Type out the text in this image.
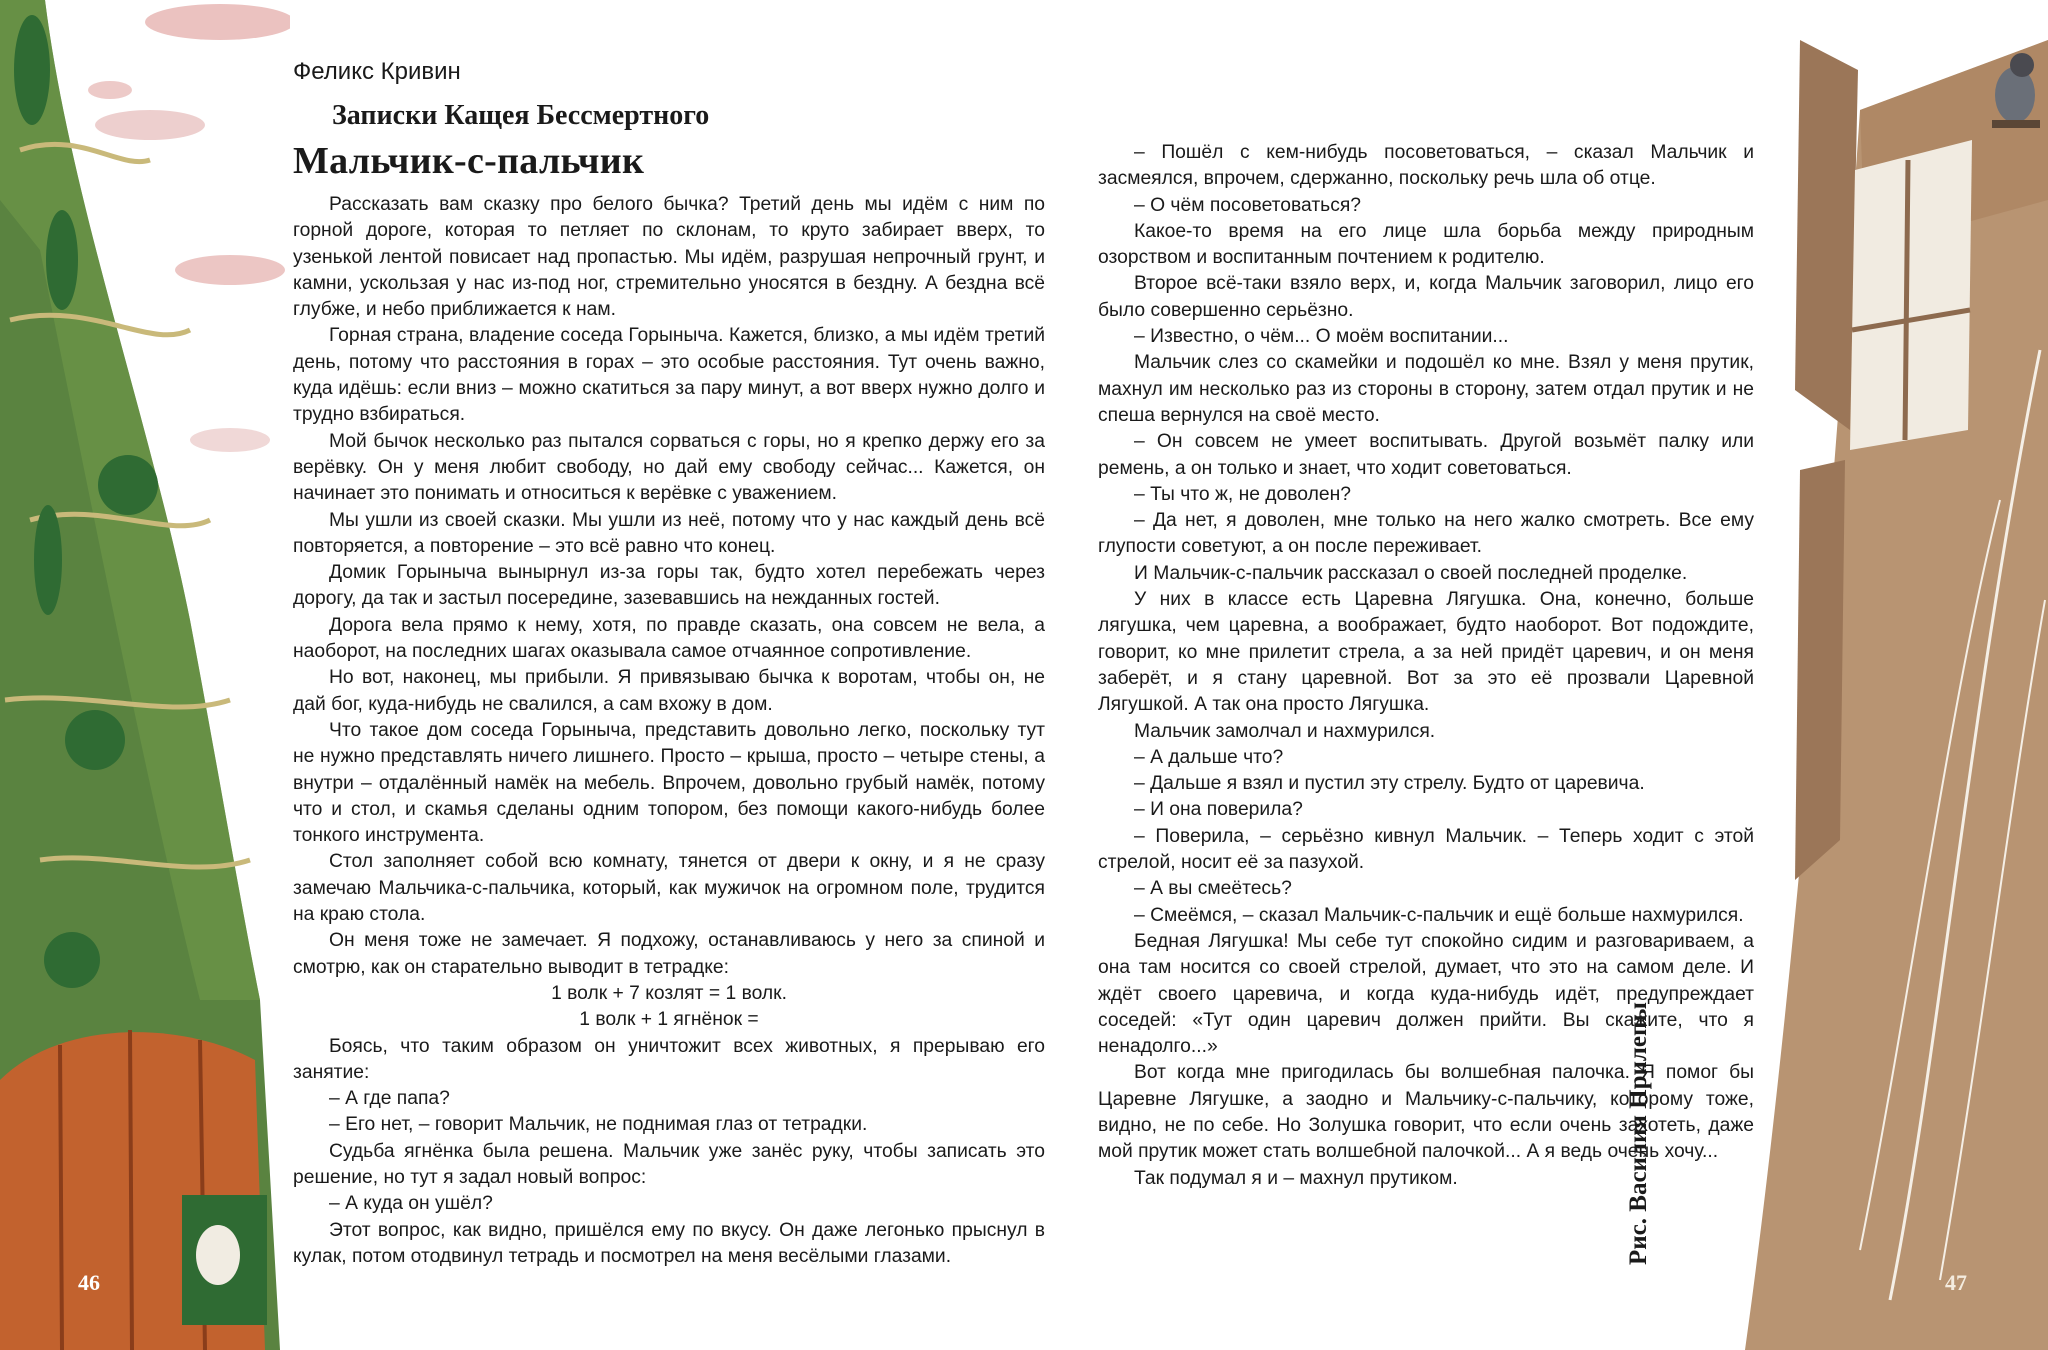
Феликс Кривин
Записки Кащея Бессмертного
Мальчик-с-пальчик

Рассказать вам сказку про белого бычка? Третий день мы идём с ним по горной дороге, которая то петляет по склонам, то круто забирает вверх, то узенькой лентой повисает над пропастью. Мы идём, разрушая непрочный грунт, и камни, ускользая у нас из-под ног, стремительно уносятся в бездну. А бездна всё глубже, и небо приближается к нам.

Горная страна, владение соседа Горыныча. Кажется, близко, а мы идём третий день, потому что расстояния в горах – это особые расстояния. Тут очень важно, куда идёшь: если вниз – можно скатиться за пару минут, а вот вверх нужно долго и трудно взбираться.

Мой бычок несколько раз пытался сорваться с горы, но я крепко держу его за верёвку. Он у меня любит свободу, но дай ему свободу сейчас... Кажется, он начинает это понимать и относиться к верёвке с уважением.

Мы ушли из своей сказки. Мы ушли из неё, потому что у нас каждый день всё повторяется, а повторение – это всё равно что конец.

Домик Горыныча вынырнул из-за горы так, будто хотел перебежать через дорогу, да так и застыл посередине, зазевавшись на нежданных гостей.

Дорога вела прямо к нему, хотя, по правде сказать, она совсем не вела, а наоборот, на последних шагах оказывала самое отчаянное сопротивление.

Но вот, наконец, мы прибыли. Я привязываю бычка к воротам, чтобы он, не дай бог, куда-нибудь не свалился, а сам вхожу в дом.

Что такое дом соседа Горыныча, представить довольно легко, поскольку тут не нужно представлять ничего лишнего. Просто – крыша, просто – четыре стены, а внутри – отдалённый намёк на мебель. Впрочем, довольно грубый намёк, потому что и стол, и скамья сделаны одним топором, без помощи какого-нибудь более тонкого инструмента.

Стол заполняет собой всю комнату, тянется от двери к окну, и я не сразу замечаю Мальчика-с-пальчика, который, как мужичок на огромном поле, трудится на краю стола.

Он меня тоже не замечает. Я подхожу, останавливаюсь у него за спиной и смотрю, как он старательно выводит в тетрадке:

1 волк + 7 козлят = 1 волк.

1 волк + 1 ягнёнок =

Боясь, что таким образом он уничтожит всех животных, я прерываю его занятие:

– А где папа?

– Его нет, – говорит Мальчик, не поднимая глаз от тетрадки.

Судьба ягнёнка была решена. Мальчик уже занёс руку, чтобы записать это решение, но тут я задал новый вопрос:

– А куда он ушёл?

Этот вопрос, как видно, пришёлся ему по вкусу. Он даже легонько прыснул в кулак, потом отодвинул тетрадь и посмотрел на меня весёлыми глазами.

– Пошёл с кем-нибудь посоветоваться, – сказал Мальчик и засмеялся, впрочем, сдержанно, поскольку речь шла об отце.

– О чём посоветоваться?

Какое-то время на его лице шла борьба между природным озорством и воспитанным почтением к родителю.

Второе всё-таки взяло верх, и, когда Мальчик заговорил, лицо его было совершенно серьёзно.

– Известно, о чём... О моём воспитании...

Мальчик слез со скамейки и подошёл ко мне. Взял у меня прутик, махнул им несколько раз из стороны в сторону, затем отдал прутик и не спеша вернулся на своё место.

– Он совсем не умеет воспитывать. Другой возьмёт палку или ремень, а он только и знает, что ходит советоваться.

– Ты что ж, не доволен?

– Да нет, я доволен, мне только на него жалко смотреть. Все ему глупости советуют, а он после переживает.

И Мальчик-с-пальчик рассказал о своей последней проделке.

У них в классе есть Царевна Лягушка. Она, конечно, больше лягушка, чем царевна, а воображает, будто наоборот. Вот подождите, говорит, ко мне прилетит стрела, а за ней придёт царевич, и он меня заберёт, и я стану царевной. Вот за это её прозвали Царевной Лягушкой. А так она просто Лягушка.

Мальчик замолчал и нахмурился.

– А дальше что?

– Дальше я взял и пустил эту стрелу. Будто от царевича.

– И она поверила?

– Поверила, – серьёзно кивнул Мальчик. – Теперь ходит с этой стрелой, носит её за пазухой.

– А вы смеётесь?

– Смеёмся, – сказал Мальчик-с-пальчик и ещё больше нахмурился.

Бедная Лягушка! Мы себе тут спокойно сидим и разговариваем, а она там носится со своей стрелой, думает, что это на самом деле. И ждёт своего царевича, и когда куда-нибудь идёт, предупреждает соседей: «Тут один царевич должен прийти. Вы скажите, что я ненадолго...»

Вот когда мне пригодилась бы волшебная палочка. Я помог бы Царевне Лягушке, а заодно и Мальчику-с-пальчику, которому тоже, видно, не по себе. Но Золушка говорит, что если очень захотеть, даже мой прутик может стать волшебной палочкой... А я ведь очень хочу...

Так подумал я и – махнул прутиком.	Рис. Василия Прилепы
46	47
